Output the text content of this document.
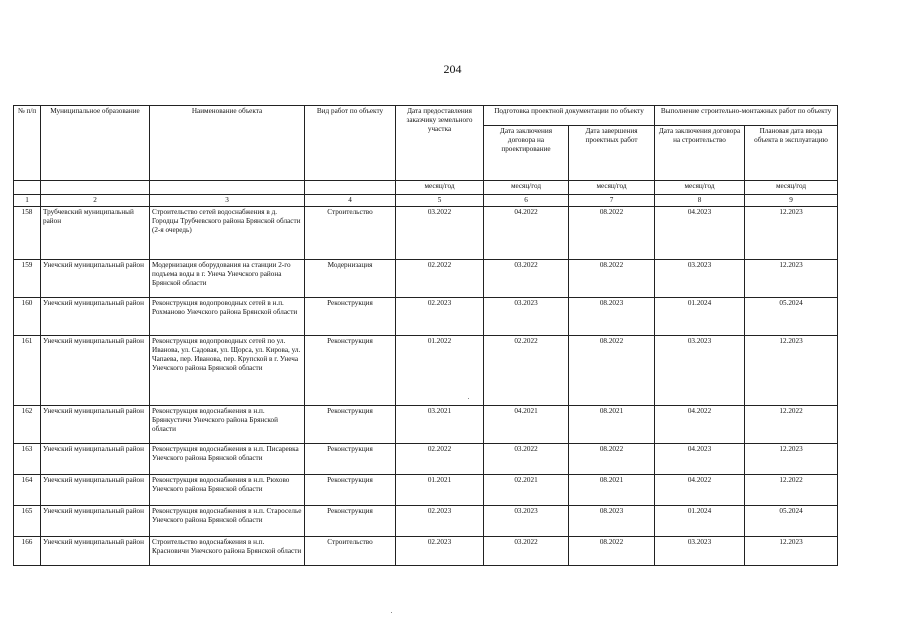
204
№ п/п	Муниципальное образование	Наименование объекта	Вид работ по объекту	Дата предоставления заказчику земельного участка	Подготовка проектной документации по объекту		Выполнение строительно-монтажных работ по объекту	
					Дата заключения договора на проектирование	Дата завершения проектных работ	Дата заключения договора на строительство	Плановая дата ввода объекта в эксплуатацию
				месяц/год	месяц/год	месяц/год	месяц/год	месяц/год
1	2	3	4	5	6	7	8	9
158	Трубчевский муниципальный район	Строительство сетей водоснабжения в д. Городцы Трубчевского района Брянской области (2-я очередь)	Строительство	03.2022	04.2022	08.2022	04.2023	12.2023
159	Унечский муниципальный район	Модернизация оборудования на станции 2-го подъема воды в г. Унеча Унечского района Брянской области	Модернизация	02.2022	03.2022	08.2022	03.2023	12.2023
160	Унечский муниципальный район	Реконструкция водопроводных сетей в н.п. Рохманово Унечского района Брянской области	Реконструкция	02.2023	03.2023	08.2023	01.2024	05.2024
161	Унечский муниципальный район	Реконструкция водопроводных сетей по ул. Иванова, ул. Садовая, ул. Щорса, ул. Кирова, ул. Чапаева, пер. Иванова, пер. Крупской в г. Унеча Унечского района Брянской области	Реконструкция	01.2022	02.2022	08.2022	03.2023	12.2023
162	Унечский муниципальный район	Реконструкция водоснабжения в н.п. Брянкустичи Унечского района Брянской области	Реконструкция	03.2021	04.2021	08.2021	04.2022	12.2022
163	Унечский муниципальный район	Реконструкция водоснабжения в н.п. Писаревка Унечского района Брянской области	Реконструкция	02.2022	03.2022	08.2022	04.2023	12.2023
164	Унечский муниципальный район	Реконструкция водоснабжения в н.п. Рюхово Унечского района Брянской области	Реконструкция	01.2021	02.2021	08.2021	04.2022	12.2022
165	Унечский муниципальный район	Реконструкция водоснабжения в н.п. Староселье Унечского района Брянской области	Реконструкция	02.2023	03.2023	08.2023	01.2024	05.2024
166	Унечский муниципальный район	Строительство водоснабжения в н.п. Красновичи Унечского района Брянской области	Строительство	02.2023	03.2022	08.2022	03.2023	12.2023
